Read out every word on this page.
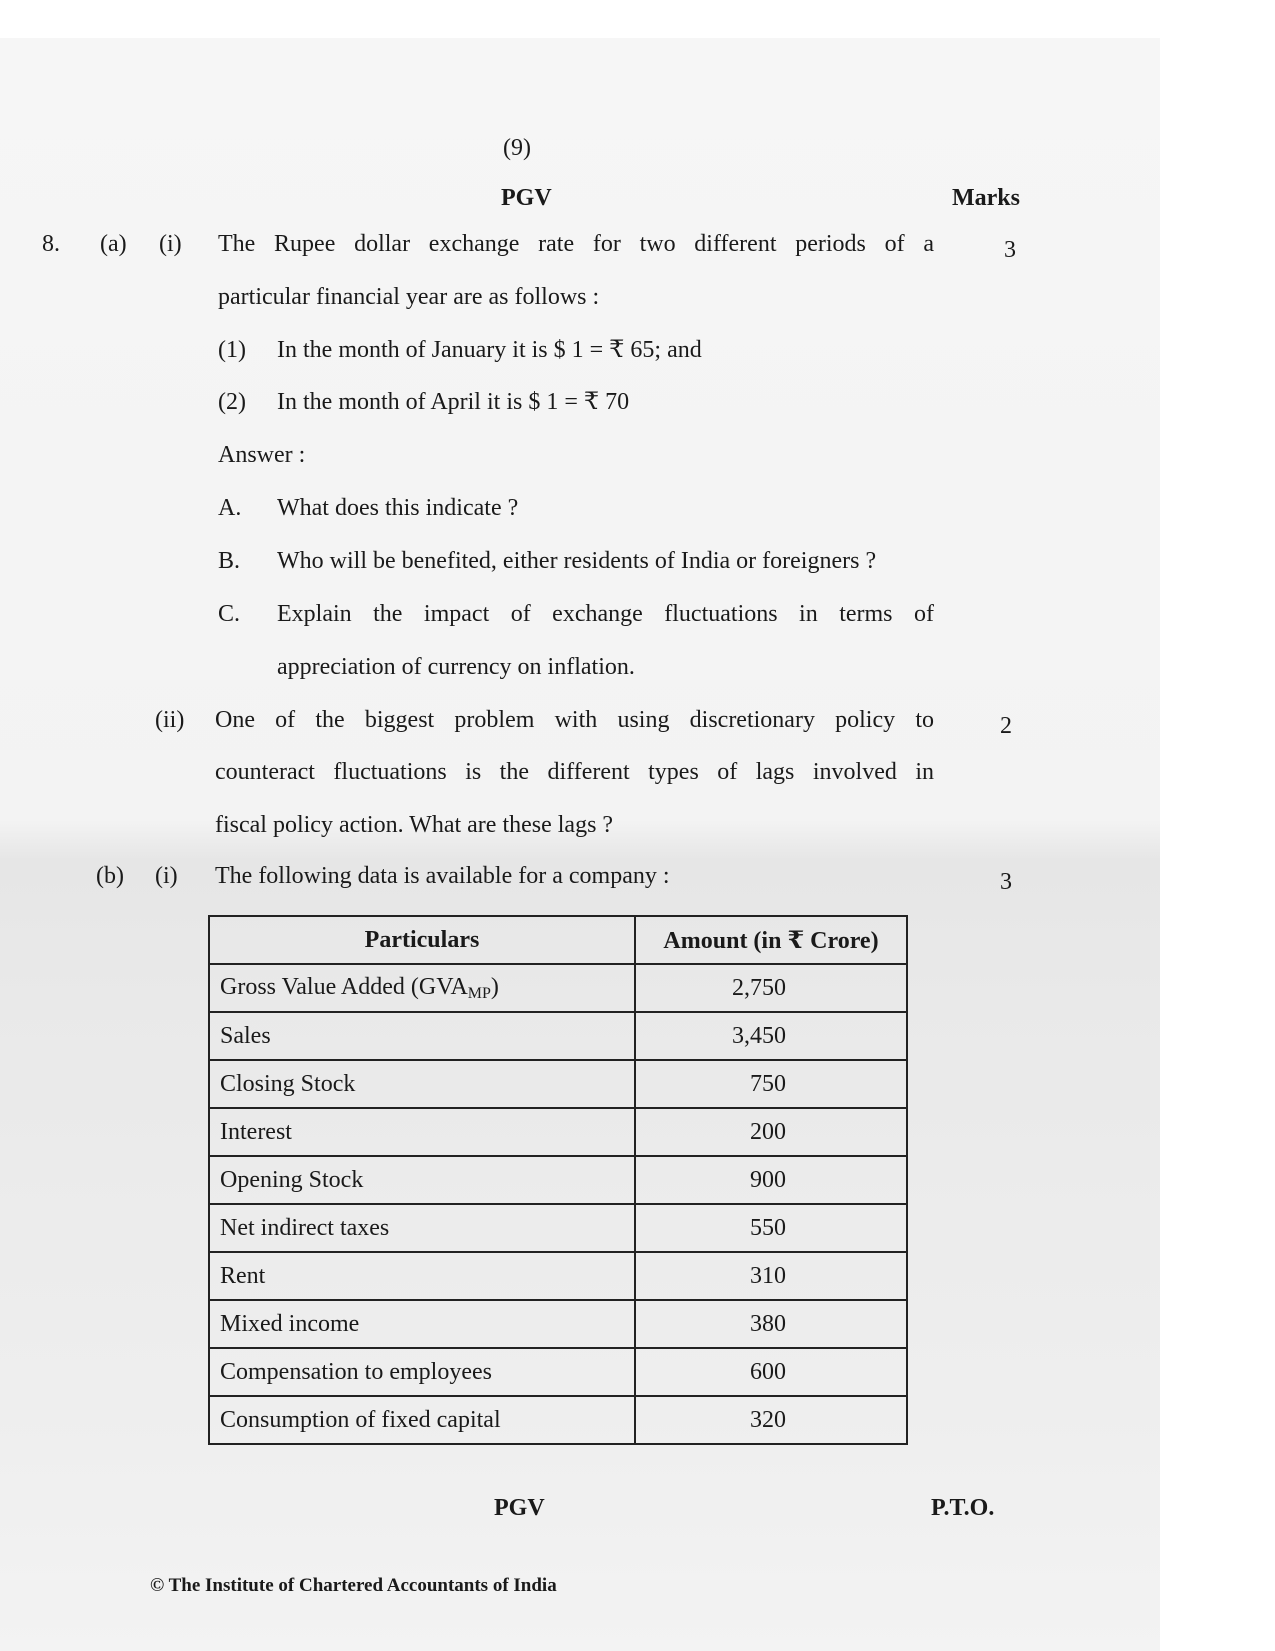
(9)
PGV	Marks
8. (a) (i) The Rupee dollar exchange rate for two different periods of a	3
particular financial year are as follows :
(1) In the month of January it is $ 1 = ₹ 65; and
(2) In the month of April it is $ 1 = ₹ 70
Answer :
A. What does this indicate ?
B. Who will be benefited, either residents of India or foreigners ?
C. Explain the impact of exchange fluctuations in terms of
appreciation of currency on inflation.
(ii) One of the biggest problem with using discretionary policy to	2
counteract fluctuations is the different types of lags involved in
fiscal policy action. What are these lags ?
(b) (i) The following data is available for a company :	3
Particulars	Amount (in ₹ Crore)
Gross Value Added $(GVA_{MP})$	2,750
Sales	3,450
Closing Stock	750
Interest	200
Opening Stock	900
Net indirect taxes	550
Rent	310
Mixed income	380
Compensation to employees	600
Consumption of fixed capital	320
PGV	P.T.O.
© The Institute of Chartered Accountants of India
